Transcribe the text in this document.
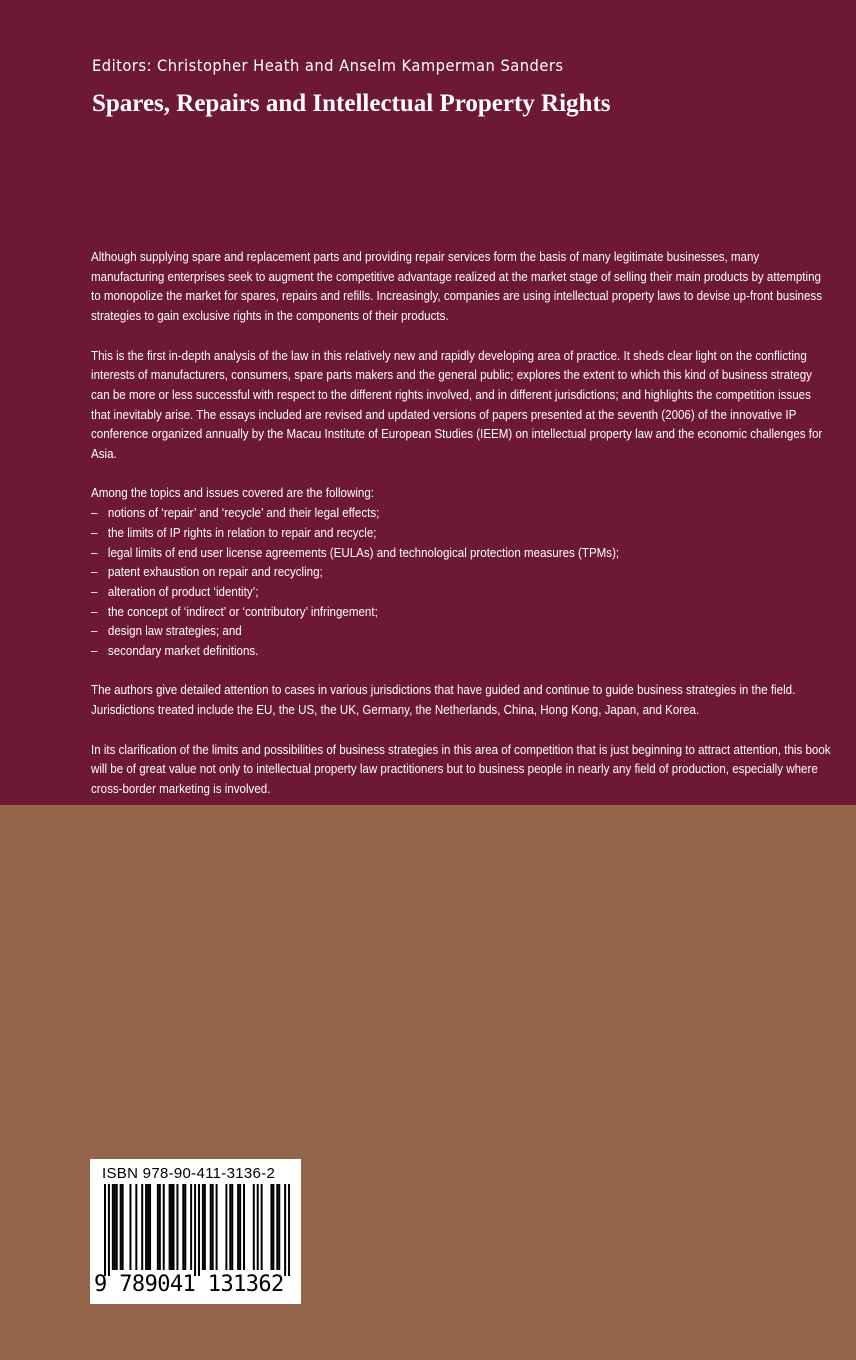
Editors: Christopher Heath and Anselm Kamperman Sanders
Spares, Repairs and Intellectual Property Rights

Although supplying spare and replacement parts and providing repair services form the basis of many legitimate businesses, many manufacturing enterprises seek to augment the competitive advantage realized at the market stage of selling their main products by attempting to monopolize the market for spares, repairs and refills. Increasingly, companies are using intellectual property laws to devise up-front business strategies to gain exclusive rights in the components of their products.

This is the first in-depth analysis of the law in this relatively new and rapidly developing area of practice. It sheds clear light on the conflicting interests of manufacturers, consumers, spare parts makers and the general public; explores the extent to which this kind of business strategy can be more or less successful with respect to the different rights involved, and in different jurisdictions; and highlights the competition issues that inevitably arise. The essays included are revised and updated versions of papers presented at the seventh (2006) of the innovative IP conference organized annually by the Macau Institute of European Studies (IEEM) on intellectual property law and the economic challenges for Asia.

Among the topics and issues covered are the following:
– notions of ‘repair’ and ‘recycle’ and their legal effects;
– the limits of IP rights in relation to repair and recycle;
– legal limits of end user license agreements (EULAs) and technological protection measures (TPMs);
– patent exhaustion on repair and recycling;
– alteration of product ‘identity’;
– the concept of ‘indirect’ or ‘contributory’ infringement;
– design law strategies; and
– secondary market definitions.

The authors give detailed attention to cases in various jurisdictions that have guided and continue to guide business strategies in the field. Jurisdictions treated include the EU, the US, the UK, Germany, the Netherlands, China, Hong Kong, Japan, and Korea.

In its clarification of the limits and possibilities of business strategies in this area of competition that is just beginning to attract attention, this book will be of great value not only to intellectual property law practitioners but to business people in nearly any field of production, especially where cross-border marketing is involved.

ISBN 978-90-411-3136-2
9 789041 131362
